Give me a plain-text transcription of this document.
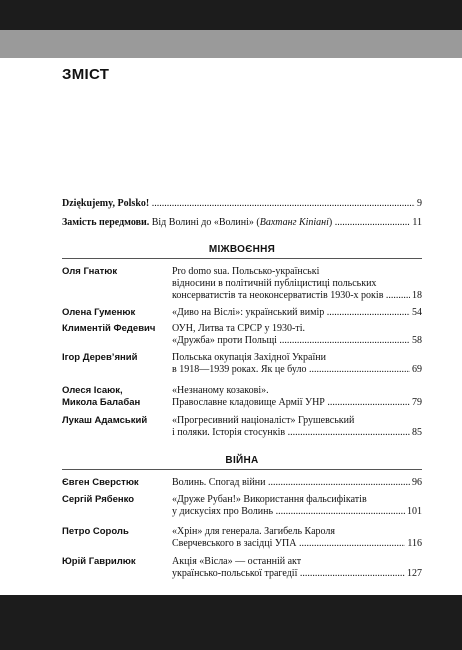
ЗМІСТ
Dziękujemy, Polsko! .....	9
Замість передмови. Від Волині до «Волині» (Вахтанг Кіпіані) .....	11
МІЖВОЄННЯ
Оля Гнатюк	Pro domo sua. Польсько-українські
відносини в політичній публіцистиці польських
консерватистів та неоконсерватистів 1930-х років .....	18
Олена Гуменюк	«Диво на Віслі»: український вимір .....	54
Климентій Федевич	ОУН, Литва та СРСР у 1930-ті.
«Дружба» проти Польщі .....	58
Ігор Дерев’яний	Польська окупація Західної України
в 1918—1939 роках. Як це було .....	69
Олеся Ісаюк,
Микола Балабан
«Незнаному козакові».
Православне кладовище Армії УНР .....	79
Лукаш Адамський	«Прогресивний націоналіст» Грушевський
і поляки. Історія стосунків .....	85
ВІЙНА
Євген Сверстюк	Волинь. Спогад війни .....	96
Сергій Рябенко	«Друже Рубан!» Використання фальсифікатів
у дискусіях про Волинь .....	101
Петро Сороль	«Хрін» для генерала. Загибель Кароля
Сверчевського в засідці УПА .....	116
Юрій Гаврилюк	Акція «Вісла» — останній акт
українсько-польської трагедії .....	127
